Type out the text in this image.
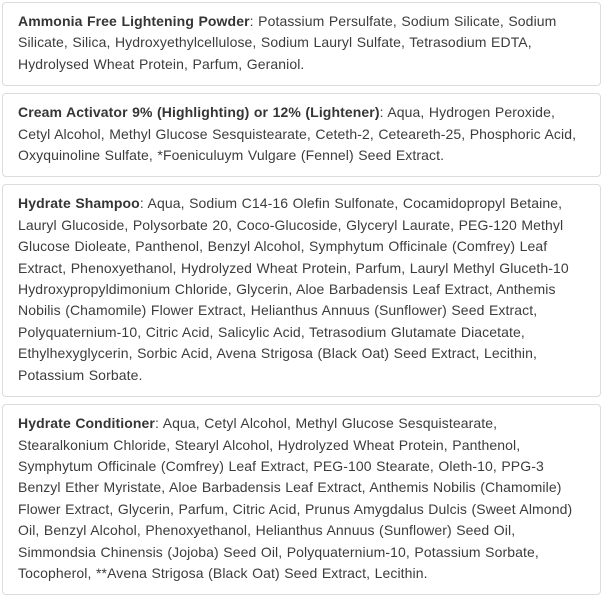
Ammonia Free Lightening Powder: Potassium Persulfate, Sodium Silicate, Sodium Silicate, Silica, Hydroxyethylcellulose, Sodium Lauryl Sulfate, Tetrasodium EDTA, Hydrolysed Wheat Protein, Parfum, Geraniol.

Cream Activator 9% (Highlighting) or 12% (Lightener): Aqua, Hydrogen Peroxide, Cetyl Alcohol, Methyl Glucose Sesquistearate, Ceteth-2, Ceteareth-25, Phosphoric Acid, Oxyquinoline Sulfate, *Foeniculuym Vulgare (Fennel) Seed Extract.

Hydrate Shampoo: Aqua, Sodium C14-16 Olefin Sulfonate, Cocamidopropyl Betaine, Lauryl Glucoside, Polysorbate 20, Coco-Glucoside, Glyceryl Laurate, PEG-120 Methyl Glucose Dioleate, Panthenol, Benzyl Alcohol, Symphytum Officinale (Comfrey) Leaf Extract, Phenoxyethanol, Hydrolyzed Wheat Protein, Parfum, Lauryl Methyl Gluceth-10 Hydroxypropyldimonium Chloride, Glycerin, Aloe Barbadensis Leaf Extract, Anthemis Nobilis (Chamomile) Flower Extract, Helianthus Annuus (Sunflower) Seed Extract, Polyquaternium-10, Citric Acid, Salicylic Acid, Tetrasodium Glutamate Diacetate, Ethylhexyglycerin, Sorbic Acid, Avena Strigosa (Black Oat) Seed Extract, Lecithin, Potassium Sorbate.

Hydrate Conditioner: Aqua, Cetyl Alcohol, Methyl Glucose Sesquistearate, Stearalkonium Chloride, Stearyl Alcohol, Hydrolyzed Wheat Protein, Panthenol, Symphytum Officinale (Comfrey) Leaf Extract, PEG-100 Stearate, Oleth-10, PPG-3 Benzyl Ether Myristate, Aloe Barbadensis Leaf Extract, Anthemis Nobilis (Chamomile) Flower Extract, Glycerin, Parfum, Citric Acid, Prunus Amygdalus Dulcis (Sweet Almond) Oil, Benzyl Alcohol, Phenoxyethanol, Helianthus Annuus (Sunflower) Seed Oil, Simmondsia Chinensis (Jojoba) Seed Oil, Polyquaternium-10, Potassium Sorbate, Tocopherol, **Avena Strigosa (Black Oat) Seed Extract, Lecithin.
